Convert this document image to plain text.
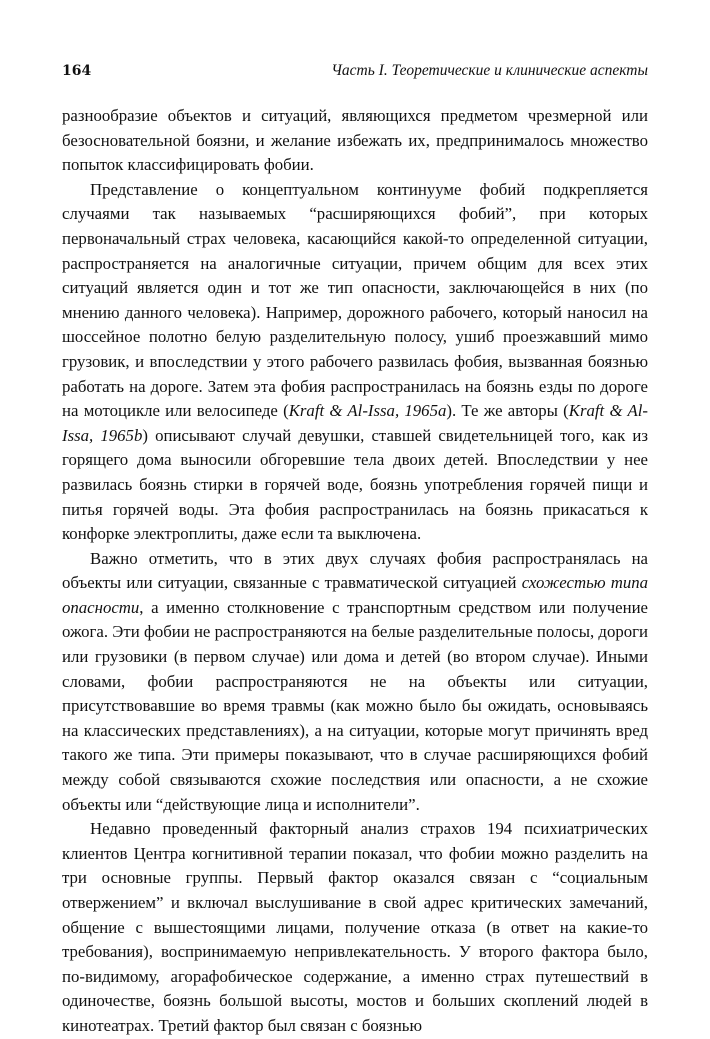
164	Часть I. Теоретические и клинические аспекты

разнообразие объектов и ситуаций, являющихся предметом чрезмерной или безосновательной боязни, и желание избежать их, предпринималось множество попыток классифицировать фобии.

Представление о концептуальном континууме фобий подкрепляется случаями так называемых “расширяющихся фобий”, при которых первоначальный страх человека, касающийся какой-то определенной ситуации, распространяется на аналогичные ситуации, причем общим для всех этих ситуаций является один и тот же тип опасности, заключающейся в них (по мнению данного человека). Например, дорожного рабочего, который наносил на шоссейное полотно белую разделительную полосу, ушиб проезжавший мимо грузовик, и впоследствии у этого рабочего развилась фобия, вызванная боязнью работать на дороге. Затем эта фобия распространилась на боязнь езды по дороге на мотоцикле или велосипеде (Kraft & Al-Issa, 1965a). Те же авторы (Kraft & Al-Issa, 1965b) описывают случай девушки, ставшей свидетельницей того, как из горящего дома выносили обгоревшие тела двоих детей. Впоследствии у нее развилась боязнь стирки в горячей воде, боязнь употребления горячей пищи и питья горячей воды. Эта фобия распространилась на боязнь прикасаться к конфорке электроплиты, даже если та выключена.

Важно отметить, что в этих двух случаях фобия распространялась на объекты или ситуации, связанные с травматической ситуацией схожестью типа опасности, а именно столкновение с транспортным средством или получение ожога. Эти фобии не распространяются на белые разделительные полосы, дороги или грузовики (в первом случае) или дома и детей (во втором случае). Иными словами, фобии распространяются не на объекты или ситуации, присутствовавшие во время травмы (как можно было бы ожидать, основываясь на классических представлениях), а на ситуации, которые могут причинять вред такого же типа. Эти примеры показывают, что в случае расширяющихся фобий между собой связываются схожие последствия или опасности, а не схожие объекты или “действующие лица и исполнители”.

Недавно проведенный факторный анализ страхов 194 психиатрических клиентов Центра когнитивной терапии показал, что фобии можно разделить на три основные группы. Первый фактор оказался связан с “социальным отвержением” и включал выслушивание в свой адрес критических замечаний, общение с вышестоящими лицами, получение отказа (в ответ на какие-то требования), воспринимаемую непривлекательность. У второго фактора было, по-видимому, агорафобическое содержание, а именно страх путешествий в одиночестве, боязнь большой высоты, мостов и больших скоплений людей в кинотеатрах. Третий фактор был связан с боязнью
